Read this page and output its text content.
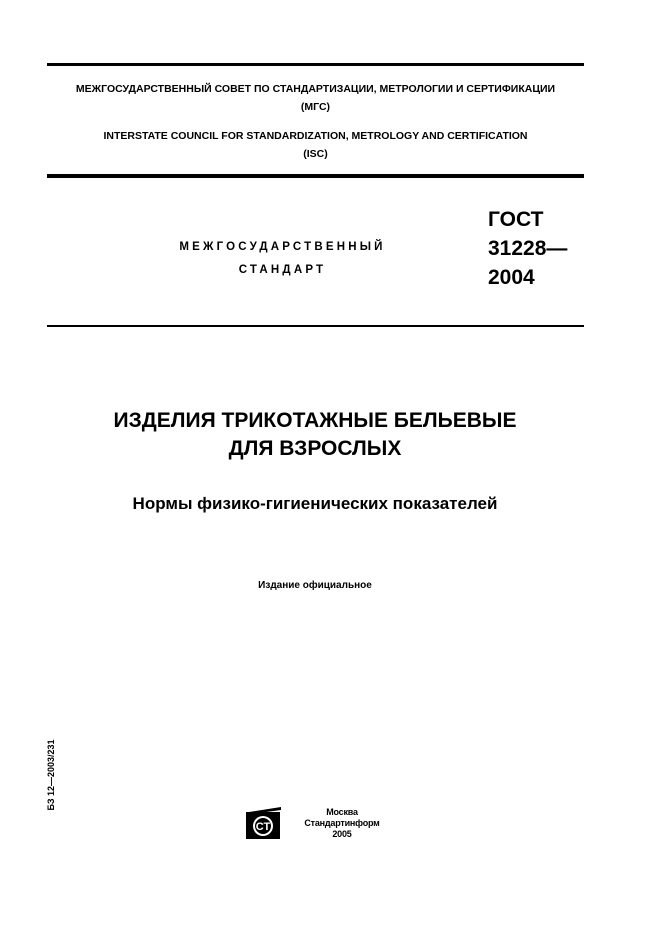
МЕЖГОСУДАРСТВЕННЫЙ СОВЕТ ПО СТАНДАРТИЗАЦИИ, МЕТРОЛОГИИ И СЕРТИФИКАЦИИ
(МГС)
INTERSTATE COUNCIL FOR STANDARDIZATION, METROLOGY AND CERTIFICATION
(ISC)
МЕЖГОСУДАРСТВЕННЫЙ
СТАНДАРТ
ГОСТ
31228—
2004
ИЗДЕЛИЯ ТРИКОТАЖНЫЕ БЕЛЬЕВЫЕ
ДЛЯ ВЗРОСЛЫХ
Нормы физико-гигиенических показателей
Издание официальное
БЗ 12—2003/231
СТ
Москва
Стандартинформ
2005
